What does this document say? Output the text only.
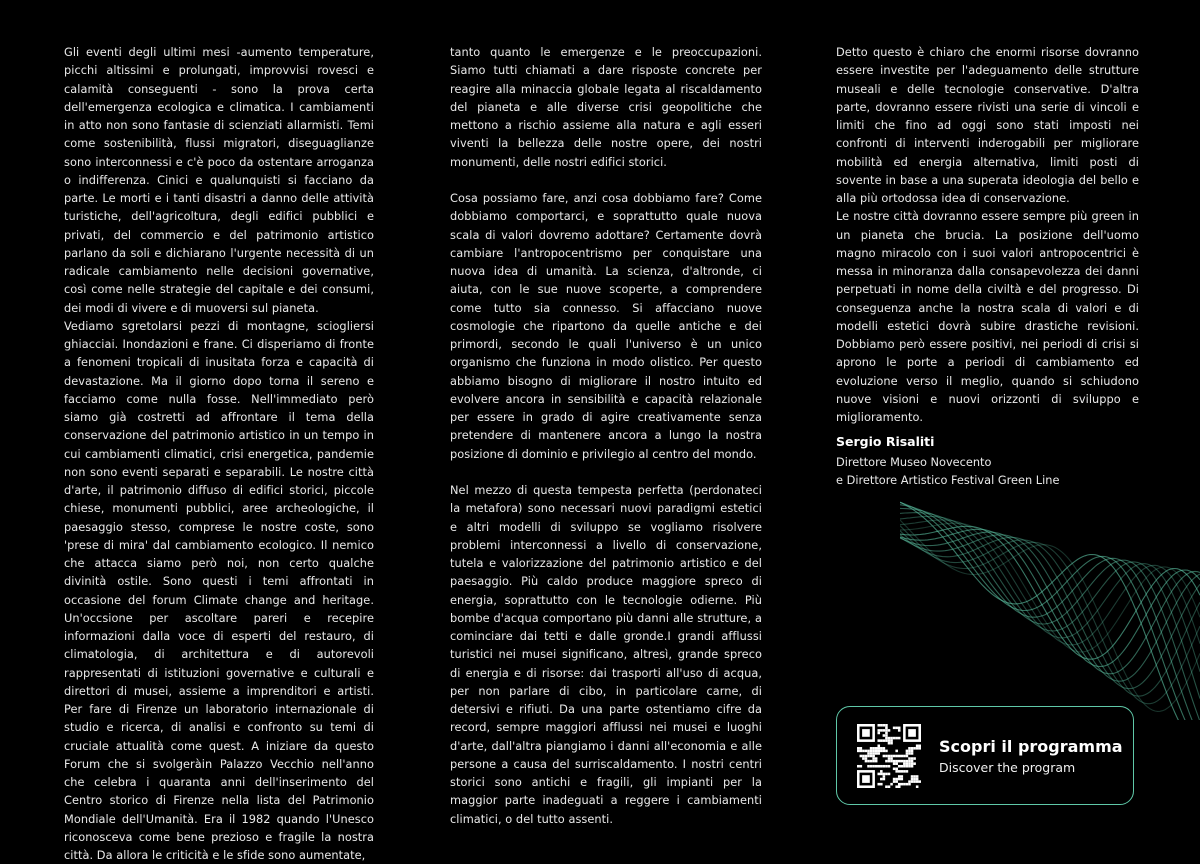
Gli eventi degli ultimi mesi -aumento temperature, picchi altissimi e prolungati, improvvisi rovesci e calamità conseguenti - sono la prova certa dell'emergenza ecologica e climatica. I cambiamenti in atto non sono fantasie di scienziati allarmisti. Temi come sostenibilità, flussi migratori, diseguaglianze sono interconnessi e c'è poco da ostentare arroganza o indifferenza. Cinici e qualunquisti si facciano da parte. Le morti e i tanti disastri a danno delle attività turistiche, dell'agricoltura, degli edifici pubblici e privati, del commercio e del patrimonio artistico parlano da soli e dichiarano l'urgente necessità di un radicale cambiamento nelle decisioni governative, così come nelle strategie del capitale e dei consumi, dei modi di vivere e di muoversi sul pianeta.

Vediamo sgretolarsi pezzi di montagne, sciogliersi ghiacciai. Inondazioni e frane. Ci disperiamo di fronte a fenomeni tropicali di inusitata forza e capacità di devastazione. Ma il giorno dopo torna il sereno e facciamo come nulla fosse. Nell'immediato però siamo già costretti ad affrontare il tema della conservazione del patrimonio artistico in un tempo in cui cambiamenti climatici, crisi energetica, pandemie non sono eventi separati e separabili. Le nostre città d'arte, il patrimonio diffuso di edifici storici, piccole chiese, monumenti pubblici, aree archeologiche, il paesaggio stesso, comprese le nostre coste, sono 'prese di mira' dal cambiamento ecologico. Il nemico che attacca siamo però noi, non certo qualche divinità ostile. Sono questi i temi affrontati in occasione del forum Climate change and heritage. Un'occsione per ascoltare pareri e recepire informazioni dalla voce di esperti del restauro, di climatologia, di architettura e di autorevoli rappresentati di istituzioni governative e culturali e direttori di musei, assieme a imprenditori e artisti. Per fare di Firenze un laboratorio internazionale di studio e ricerca, di analisi e confronto su temi di cruciale attualità come quest. A iniziare da questo Forum che si svolgeràin Palazzo Vecchio nell'anno che celebra i quaranta anni dell'inserimento del Centro storico di Firenze nella lista del Patrimonio Mondiale dell'Umanità. Era il 1982 quando l'Unesco riconosceva come bene prezioso e fragile la nostra città. Da allora le criticità e le sfide sono aumentate,

tanto quanto le emergenze e le preoccupazioni. Siamo tutti chiamati a dare risposte concrete per reagire alla minaccia globale legata al riscaldamento del pianeta e alle diverse crisi geopolitiche che mettono a rischio assieme alla natura e agli esseri viventi la bellezza delle nostre opere, dei nostri monumenti, delle nostri edifici storici.

Cosa possiamo fare, anzi cosa dobbiamo fare? Come dobbiamo comportarci, e soprattutto quale nuova scala di valori dovremo adottare? Certamente dovrà cambiare l'antropocentrismo per conquistare una nuova idea di umanità. La scienza, d'altronde, ci aiuta, con le sue nuove scoperte, a comprendere come tutto sia connesso. Si affacciano nuove cosmologie che ripartono da quelle antiche e dei primordi, secondo le quali l'universo è un unico organismo che funziona in modo olistico. Per questo abbiamo bisogno di migliorare il nostro intuito ed evolvere ancora in sensibilità e capacità relazionale per essere in grado di agire creativamente senza pretendere di mantenere ancora a lungo la nostra posizione di dominio e privilegio al centro del mondo.

Nel mezzo di questa tempesta perfetta (perdonateci la metafora) sono necessari nuovi paradigmi estetici e altri modelli di sviluppo se vogliamo risolvere problemi interconnessi a livello di conservazione, tutela e valorizzazione del patrimonio artistico e del paesaggio. Più caldo produce maggiore spreco di energia, soprattutto con le tecnologie odierne. Più bombe d'acqua comportano più danni alle strutture, a cominciare dai tetti e dalle gronde.I grandi afflussi turistici nei musei significano, altresì, grande spreco di energia e di risorse: dai trasporti all'uso di acqua, per non parlare di cibo, in particolare carne, di detersivi e rifiuti. Da una parte ostentiamo cifre da record, sempre maggiori afflussi nei musei e luoghi d'arte, dall'altra piangiamo i danni all'economia e alle persone a causa del surriscaldamento. I nostri centri storici sono antichi e fragili, gli impianti per la maggior parte inadeguati a reggere i cambiamenti climatici, o del tutto assenti.

Detto questo è chiaro che enormi risorse dovranno essere investite per l'adeguamento delle strutture museali e delle tecnologie conservative. D'altra parte, dovranno essere rivisti una serie di vincoli e limiti che fino ad oggi sono stati imposti nei confronti di interventi inderogabili per migliorare mobilità ed energia alternativa, limiti posti di sovente in base a una superata ideologia del bello e alla più ortodossa idea di conservazione.

Le nostre città dovranno essere sempre più green in un pianeta che brucia. La posizione dell'uomo magno miracolo con i suoi valori antropocentrici è messa in minoranza dalla consapevolezza dei danni perpetuati in nome della civiltà e del progresso. Di conseguenza anche la nostra scala di valori e di modelli estetici dovrà subire drastiche revisioni. Dobbiamo però essere positivi, nei periodi di crisi si aprono le porte a periodi di cambiamento ed evoluzione verso il meglio, quando si schiudono nuove visioni e nuovi orizzonti di sviluppo e miglioramento.

Sergio Risaliti
Direttore Museo Novecento
e Direttore Artistico Festival Green Line
Scopri il programma
Discover the program
